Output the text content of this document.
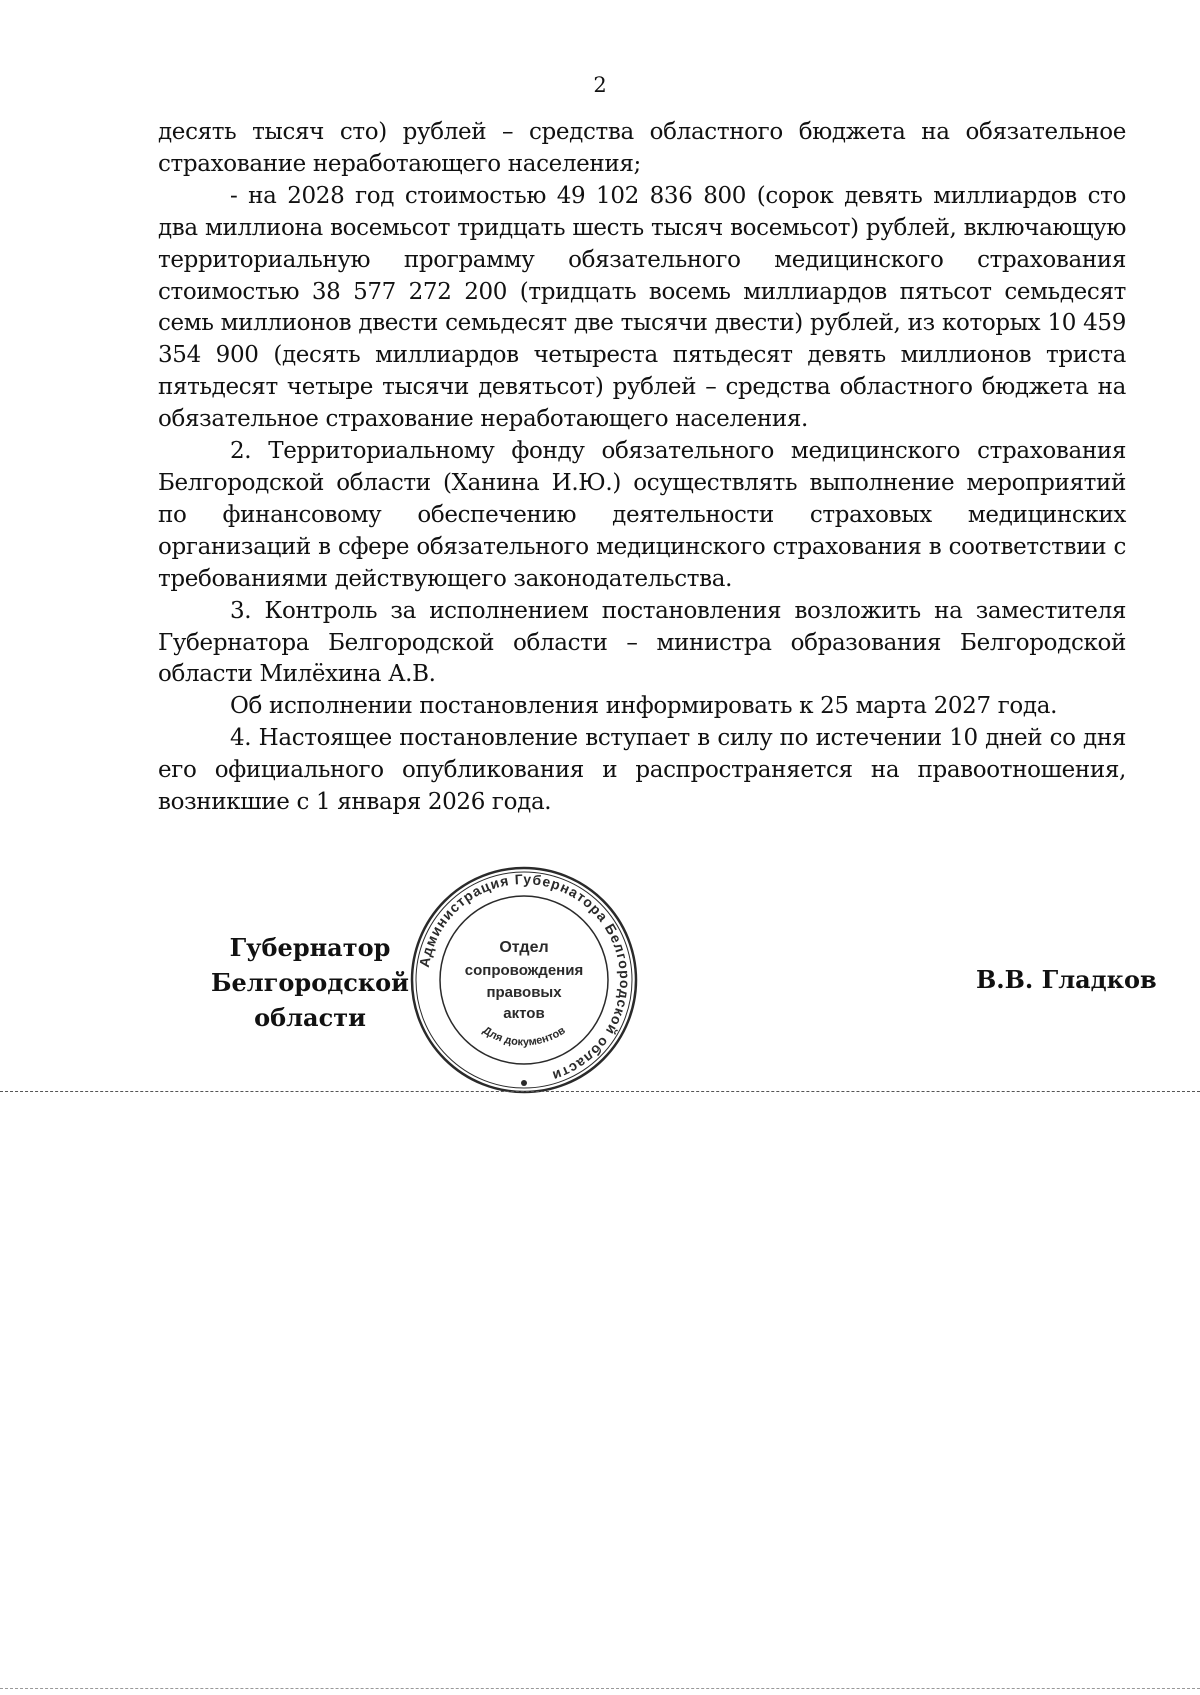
2

десять тысяч сто) рублей – средства областного бюджета на обязательное страхование неработающего населения;

- на 2028 год стоимостью 49 102 836 800 (сорок девять миллиардов сто два миллиона восемьсот тридцать шесть тысяч восемьсот) рублей, включающую территориальную программу обязательного медицинского страхования стоимостью 38 577 272 200 (тридцать восемь миллиардов пятьсот семьдесят семь миллионов двести семьдесят две тысячи двести) рублей, из которых 10 459 354 900 (десять миллиардов четыреста пятьдесят девять миллионов триста пятьдесят четыре тысячи девятьсот) рублей – средства областного бюджета на обязательное страхование неработающего населения.

2. Территориальному фонду обязательного медицинского страхования Белгородской области (Ханина И.Ю.) осуществлять выполнение мероприятий по финансовому обеспечению деятельности страховых медицинских организаций в сфере обязательного медицинского страхования в соответствии с требованиями действующего законодательства.

3. Контроль за исполнением постановления возложить на заместителя Губернатора Белгородской области – министра образования Белгородской области Милёхина А.В.

Об исполнении постановления информировать к 25 марта 2027 года.

4. Настоящее постановление вступает в силу по истечении 10 дней со дня его официального опубликования и распространяется на правоотношения, возникшие с 1 января 2026 года.

Губернатор
Белгородской области
В.В. Гладков
Администрация Губернатора Белгородской области
Отдел
сопровождения
правовых
актов
Для документов
